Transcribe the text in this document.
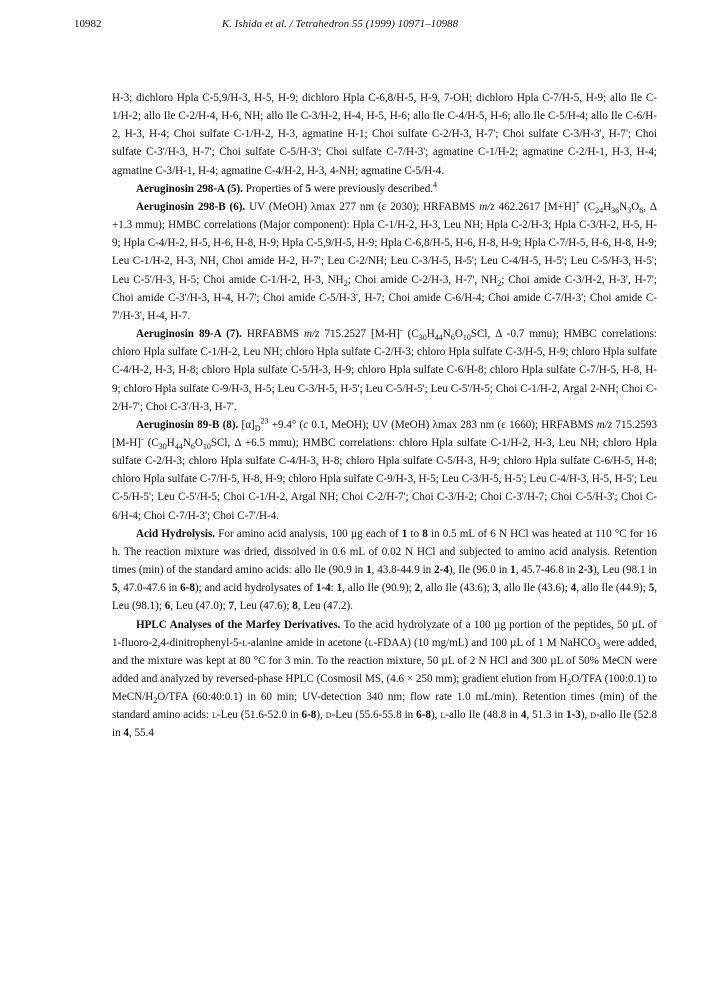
10982	K. Ishida et al. / Tetrahedron 55 (1999) 10971–10988

H-3; dichloro Hpla C-5,9/H-3, H-5, H-9; dichloro Hpla C-6,8/H-5, H-9, 7-OH; dichloro Hpla C-7/H-5, H-9; allo Ile C-1/H-2; allo Ile C-2/H-4, H-6, NH; allo Ile C-3/H-2, H-4, H-5, H-6; allo Ile C-4/H-5, H-6; allo Ile C-5/H-4; allo Ile C-6/H-2, H-3, H-4; Choi sulfate C-1/H-2, H-3, agmatine H-1; Choi sulfate C-2/H-3, H-7'; Choi sulfate C-3/H-3', H-7'; Choi sulfate C-3'/H-3, H-7'; Choi sulfate C-5/H-3'; Choi sulfate C-7/H-3'; agmatine C-1/H-2; agmatine C-2/H-1, H-3, H-4; agmatine C-3/H-1, H-4; agmatine C-4/H-2, H-3, 4-NH; agmatine C-5/H-4.

Aeruginosin 298-A (5). Properties of 5 were previously described.$^4$

Aeruginosin 298-B (6). UV (MeOH) λmax 277 nm (ε 2030); HRFABMS m/z 462.2617 [M+H]+ ($C_{24}H_{36}N_3O_6$, Δ +1.3 mmu); HMBC correlations (Major component): Hpla C-1/H-2, H-3, Leu NH; Hpla C-2/H-3; Hpla C-3/H-2, H-5, H-9; Hpla C-4/H-2, H-5, H-6, H-8, H-9; Hpla C-5,9/H-5, H-9; Hpla C-6,8/H-5, H-6, H-8, H-9; Hpla C-7/H-5, H-6, H-8, H-9; Leu C-1/H-2, H-3, NH, Choi amide H-2, H-7'; Leu C-2/NH; Leu C-3/H-5, H-5'; Leu C-4/H-5, H-5'; Leu C-5/H-3, H-5'; Leu C-5'/H-3, H-5; Choi amide C-1/H-2, H-3, $NH_2$; Choi amide C-2/H-3, H-7', $NH_2$; Choi amide C-3/H-2, H-3', H-7'; Choi amide C-3'/H-3, H-4, H-7'; Choi amide C-5/H-3', H-7; Choi amide C-6/H-4; Choi amide C-7/H-3'; Choi amide C-7'/H-3', H-4, H-7.

Aeruginosin 89-A (7). HRFABMS m/z 715.2527 [M-H]- ($C_{30}H_{44}N_6O_{10}SCl$, Δ -0.7 mmu); HMBC correlations: chloro Hpla sulfate C-1/H-2, Leu NH; chloro Hpla sulfate C-2/H-3; chloro Hpla sulfate C-3/H-5, H-9; chloro Hpla sulfate C-4/H-2, H-3, H-8; chloro Hpla sulfate C-5/H-3, H-9; chloro Hpla sulfate C-6/H-8; chloro Hpla sulfate C-7/H-5, H-8, H-9; chloro Hpla sulfate C-9/H-3, H-5; Leu C-3/H-5, H-5'; Leu C-5/H-5'; Leu C-5'/H-5; Choi C-1/H-2, Argal 2-NH; Choi C-2/H-7'; Choi C-3'/H-3, H-7'.

Aeruginosin 89-B (8). $[\alpha]_D^{23} +9.4^\circ$ (c 0.1, MeOH); UV (MeOH) λmax 283 nm (ε 1660); HRFABMS m/z 715.2593 [M-H]- ($C_{30}H_{44}N_6O_{10}SCl$, Δ +6.5 mmu); HMBC correlations: chloro Hpla sulfate C-1/H-2, H-3, Leu NH; chloro Hpla sulfate C-2/H-3; chloro Hpla sulfate C-4/H-3, H-8; chloro Hpla sulfate C-5/H-3, H-9; chloro Hpla sulfate C-6/H-5, H-8; chloro Hpla sulfate C-7/H-5, H-8, H-9; chloro Hpla sulfate C-9/H-3, H-5; Leu C-3/H-5, H-5'; Leu C-4/H-3, H-5, H-5'; Leu C-5/H-5'; Leu C-5'/H-5; Choi C-1/H-2, Argal NH; Choi C-2/H-7'; Choi C-3/H-2; Choi C-3'/H-7; Choi C-5/H-3'; Choi C-6/H-4; Choi C-7/H-3'; Choi C-7'/H-4.

Acid Hydrolysis. For amino acid analysis, 100 µg each of 1 to 8 in 0.5 mL of 6 N HCl was heated at 110 °C for 16 h. The reaction mixture was dried, dissolved in 0.6 mL of 0.02 N HCl and subjected to amino acid analysis. Retention times (min) of the standard amino acids: allo Ile (90.9 in 1, 43.8-44.9 in 2-4), Ile (96.0 in 1, 45.7-46.8 in 2-3), Leu (98.1 in 5, 47.0-47.6 in 6-8); and acid hydrolysates of 1-4: 1, allo Ile (90.9); 2, allo Ile (43.6); 3, allo Ile (43.6); 4, allo Ile (44.9); 5, Leu (98.1); 6, Leu (47.0); 7, Leu (47.6); 8, Leu (47.2).

HPLC Analyses of the Marfey Derivatives. To the acid hydrolyzate of a 100 µg portion of the peptides, 50 µL of 1-fluoro-2,4-dinitrophenyl-5-l-alanine amide in acetone (l-FDAA) (10 mg/mL) and 100 µL of 1 M NaHCO$_3$ were added, and the mixture was kept at 80 °C for 3 min. To the reaction mixture, 50 µL of 2 N HCl and 300 µL of 50% MeCN were added and analyzed by reversed-phase HPLC (Cosmosil MS, (4.6 × 250 mm); gradient elution from $H_2O$/TFA (100:0.1) to MeCN/$H_2O$/TFA (60:40:0.1) in 60 min; UV-detection 340 nm; flow rate 1.0 mL/min). Retention times (min) of the standard amino acids: l-Leu (51.6-52.0 in 6-8), d-Leu (55.6-55.8 in 6-8), l-allo Ile (48.8 in 4, 51.3 in 1-3), d-allo Ile (52.8 in 4, 55.4
